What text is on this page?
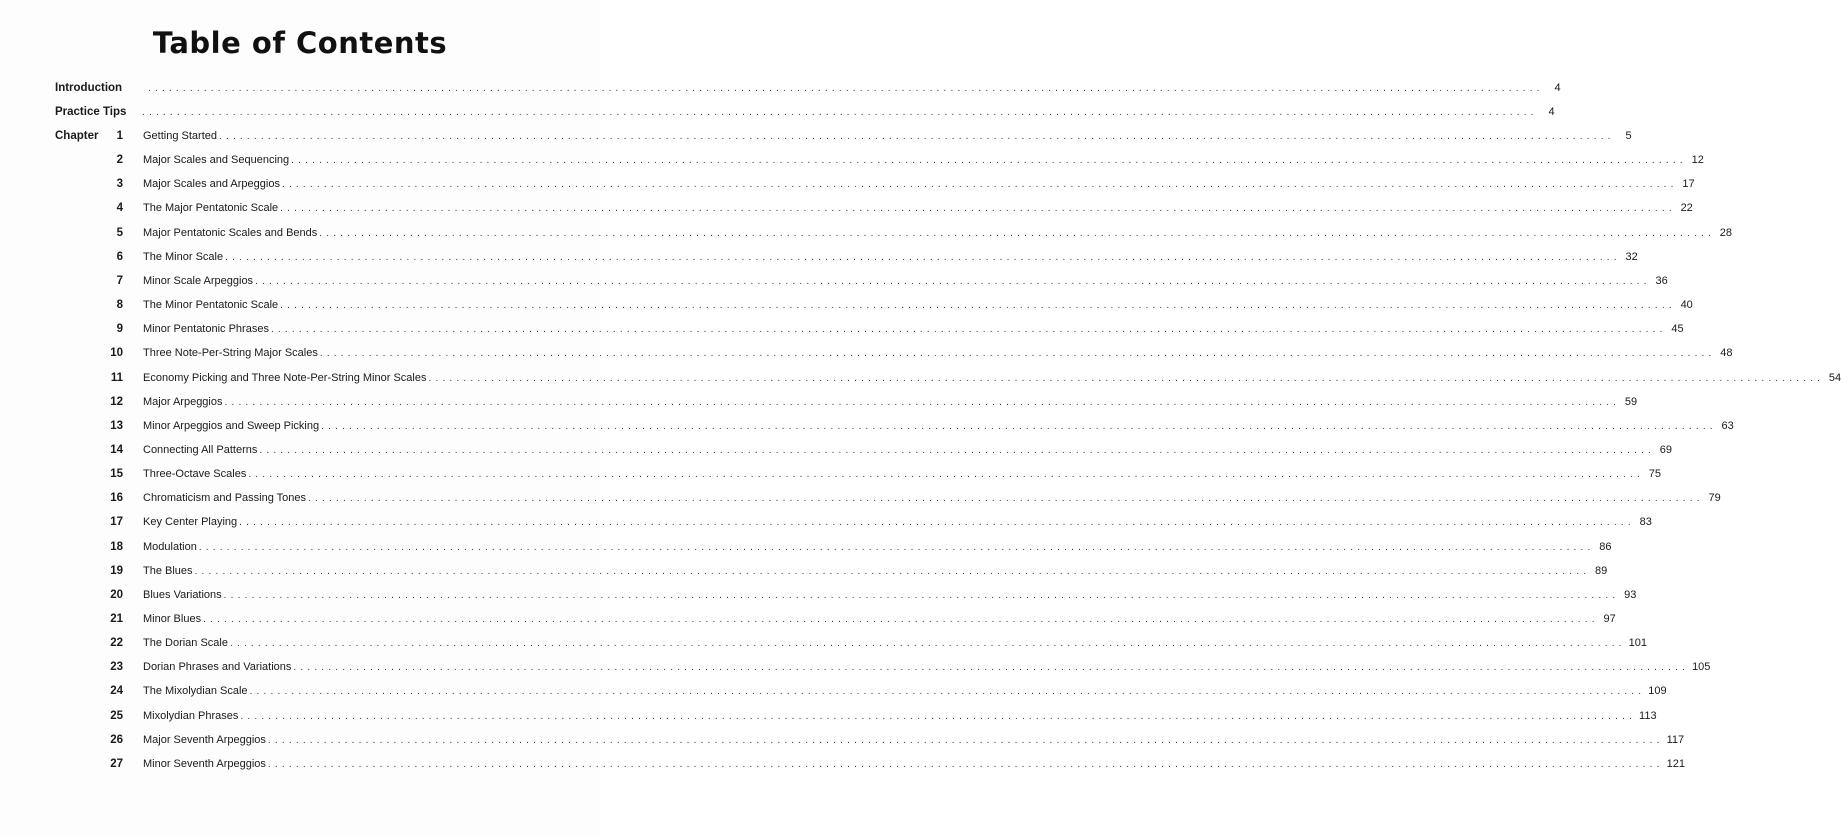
Table of Contents
Introduction	........................................................................................................................................................................................................ 4
Practice Tips ........................................................................................................................................................................................................ 4
Chapter	1 Getting Started ........................................................................................................................................................................................................ 5
2 Major Scales and Sequencing ........................................................................................................................................................................................................ 12
3 Major Scales and Arpeggios ........................................................................................................................................................................................................ 17
4 The Major Pentatonic Scale ........................................................................................................................................................................................................ 22
5 Major Pentatonic Scales and Bends ........................................................................................................................................................................................................ 28
6 The Minor Scale ........................................................................................................................................................................................................ 32
7 Minor Scale Arpeggios ........................................................................................................................................................................................................ 36
8 The Minor Pentatonic Scale ........................................................................................................................................................................................................ 40
9 Minor Pentatonic Phrases ........................................................................................................................................................................................................ 45
10 Three Note-Per-String Major Scales ........................................................................................................................................................................................................ 48
11 Economy Picking and Three Note-Per-String Minor Scales ........................................................................................................................................................................................................ 54
12 Major Arpeggios ........................................................................................................................................................................................................ 59
13 Minor Arpeggios and Sweep Picking ........................................................................................................................................................................................................ 63
14 Connecting All Patterns ........................................................................................................................................................................................................ 69
15 Three-Octave Scales ........................................................................................................................................................................................................ 75
16 Chromaticism and Passing Tones ........................................................................................................................................................................................................ 79
17 Key Center Playing ........................................................................................................................................................................................................ 83
18 Modulation ........................................................................................................................................................................................................ 86
19 The Blues ........................................................................................................................................................................................................ 89
20 Blues Variations ........................................................................................................................................................................................................ 93
21 Minor Blues ........................................................................................................................................................................................................ 97
22 The Dorian Scale ........................................................................................................................................................................................................ 101
23 Dorian Phrases and Variations ........................................................................................................................................................................................................ 105
24 The Mixolydian Scale ........................................................................................................................................................................................................ 109
25 Mixolydian Phrases ........................................................................................................................................................................................................ 113
26 Major Seventh Arpeggios ........................................................................................................................................................................................................ 117
27 Minor Seventh Arpeggios ........................................................................................................................................................................................................ 121
